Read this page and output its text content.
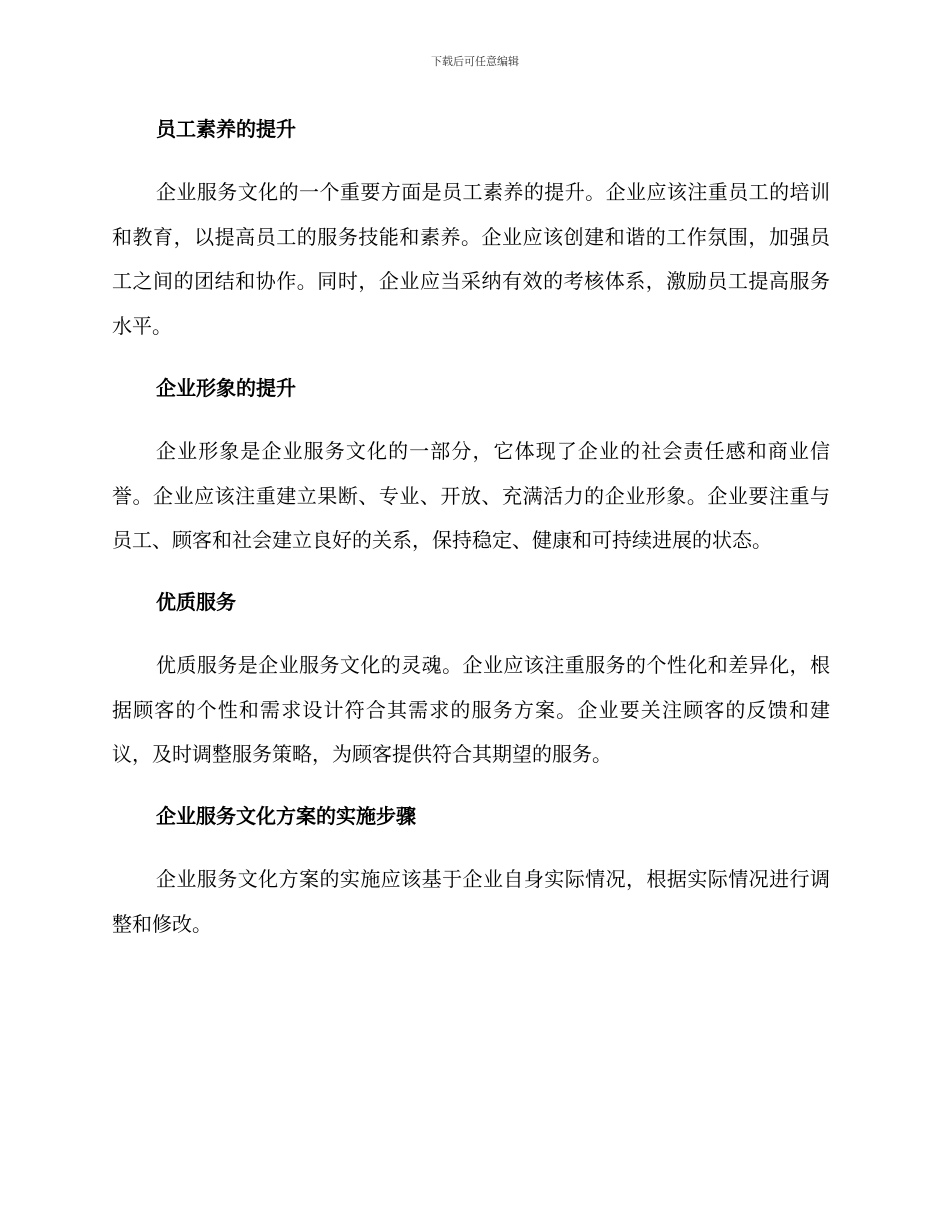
下载后可任意编辑
员工素养的提升

企业服务文化的一个重要方面是员工素养的提升。企业应该注重员工的培训和教育，以提高员工的服务技能和素养。企业应该创建和谐的工作氛围，加强员工之间的团结和协作。同时，企业应当采纳有效的考核体系，激励员工提高服务水平。

企业形象的提升

企业形象是企业服务文化的一部分，它体现了企业的社会责任感和商业信誉。企业应该注重建立果断、专业、开放、充满活力的企业形象。企业要注重与员工、顾客和社会建立良好的关系，保持稳定、健康和可持续进展的状态。

优质服务

优质服务是企业服务文化的灵魂。企业应该注重服务的个性化和差异化，根据顾客的个性和需求设计符合其需求的服务方案。企业要关注顾客的反馈和建议，及时调整服务策略，为顾客提供符合其期望的服务。

企业服务文化方案的实施步骤

企业服务文化方案的实施应该基于企业自身实际情况，根据实际情况进行调整和修改。
